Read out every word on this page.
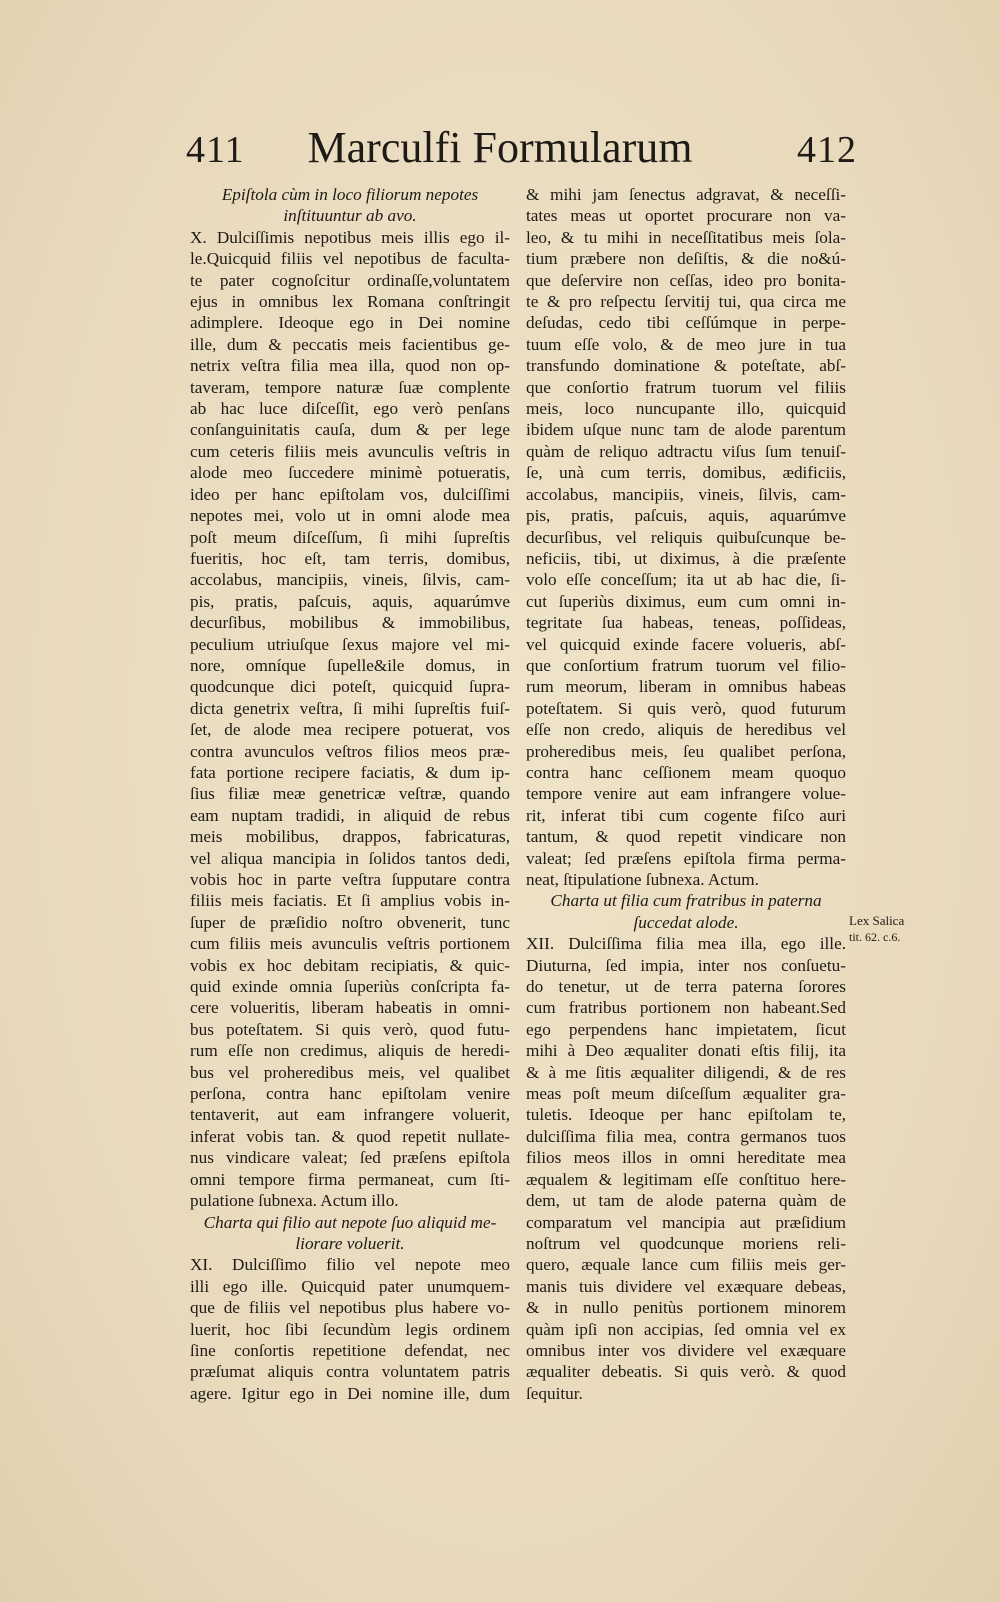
411	Marculfi Formularum	412
Epiſtola cùm in loco filiorum nepotes
inſtituuntur ab avo.
X. Dulciſſimis nepotibus meis illis ego il-
le.Quicquid filiis vel nepotibus de faculta-
te pater cognoſcitur ordinaſſe,voluntatem
ejus in omnibus lex Romana conſtringit
adimplere. Ideoque ego in Dei nomine
ille, dum & peccatis meis facientibus ge-
netrix veſtra filia mea illa, quod non op-
taveram, tempore naturæ ſuæ complente
ab hac luce diſceſſit, ego verò penſans
conſanguinitatis cauſa, dum & per lege
cum ceteris filiis meis avunculis veſtris in
alode meo ſuccedere minimè potueratis,
ideo per hanc epiſtolam vos, dulciſſimi
nepotes mei, volo ut in omni alode mea
poſt meum diſceſſum, ſi mihi ſupreſtis
fueritis, hoc eſt, tam terris, domibus,
accolabus, mancipiis, vineis, ſilvis, cam-
pis, pratis, paſcuis, aquis, aquarúmve
decurſibus, mobilibus & immobilibus,
peculium utriuſque ſexus majore vel mi-
nore, omníque ſupelle&ile domus, in
quodcunque dici poteſt, quicquid ſupra-
dicta genetrix veſtra, ſi mihi ſupreſtis fuiſ-
ſet, de alode mea recipere potuerat, vos
contra avunculos veſtros filios meos præ-
fata portione recipere faciatis, & dum ip-
ſius filiæ meæ genetricæ veſtræ, quando
eam nuptam tradidi, in aliquid de rebus
meis mobilibus, drappos, fabricaturas,
vel aliqua mancipia in ſolidos tantos dedi,
vobis hoc in parte veſtra ſupputare contra
filiis meis faciatis. Et ſi amplius vobis in-
ſuper de præſidio noſtro obvenerit, tunc
cum filiis meis avunculis veſtris portionem
vobis ex hoc debitam recipiatis, & quic-
quid exinde omnia ſuperiùs conſcripta fa-
cere volueritis, liberam habeatis in omni-
bus poteſtatem. Si quis verò, quod futu-
rum eſſe non credimus, aliquis de heredi-
bus vel proheredibus meis, vel qualibet
perſona, contra hanc epiſtolam venire
tentaverit, aut eam infrangere voluerit,
inferat vobis tan. & quod repetit nullate-
nus vindicare valeat; ſed præſens epiſtola
omni tempore firma permaneat, cum ſti-
pulatione ſubnexa. Actum illo.
Charta qui filio aut nepote ſuo aliquid me-
liorare voluerit.
XI. Dulciſſimo filio vel nepote meo
illi ego ille. Quicquid pater unumquem-
que de filiis vel nepotibus plus habere vo-
luerit, hoc ſibi ſecundùm legis ordinem
ſine conſortis repetitione defendat, nec
præſumat aliquis contra voluntatem patris
agere. Igitur ego in Dei nomine ille, dum
& mihi jam ſenectus adgravat, & neceſſi-
tates meas ut oportet procurare non va-
leo, & tu mihi in neceſſitatibus meis ſola-
tium præbere non deſiſtis, & die no&ú-
que deſervire non ceſſas, ideo pro bonita-
te & pro reſpectu ſervitij tui, qua circa me
deſudas, cedo tibi ceſſúmque in perpe-
tuum eſſe volo, & de meo jure in tua
transfundo dominatione & poteſtate, abſ-
que conſortio fratrum tuorum vel filiis
meis, loco nuncupante illo, quicquid
ibidem uſque nunc tam de alode parentum
quàm de reliquo adtractu viſus ſum tenuiſ-
ſe, unà cum terris, domibus, ædificiis,
accolabus, mancipiis, vineis, ſilvis, cam-
pis, pratis, paſcuis, aquis, aquarúmve
decurſibus, vel reliquis quibuſcunque be-
neficiis, tibi, ut diximus, à die præſente
volo eſſe conceſſum; ita ut ab hac die, ſi-
cut ſuperiùs diximus, eum cum omni in-
tegritate ſua habeas, teneas, poſſideas,
vel quicquid exinde facere volueris, abſ-
que conſortium fratrum tuorum vel filio-
rum meorum, liberam in omnibus habeas
poteſtatem. Si quis verò, quod futurum
eſſe non credo, aliquis de heredibus vel
proheredibus meis, ſeu qualibet perſona,
contra hanc ceſſionem meam quoquo
tempore venire aut eam infrangere volue-
rit, inferat tibi cum cogente fiſco auri
tantum, & quod repetit vindicare non
valeat; ſed præſens epiſtola firma perma-
neat, ſtipulatione ſubnexa. Actum.
Charta ut filia cum fratribus in paterna
ſuccedat alode.
XII. Dulciſſima filia mea illa, ego ille.
Diuturna, ſed impia, inter nos conſuetu-
do tenetur, ut de terra paterna ſorores
cum fratribus portionem non habeant.Sed
ego perpendens hanc impietatem, ſicut
mihi à Deo æqualiter donati eſtis filij, ita
& à me ſitis æqualiter diligendi, & de res
meas poſt meum diſceſſum æqualiter gra-
tuletis. Ideoque per hanc epiſtolam te,
dulciſſima filia mea, contra germanos tuos
filios meos illos in omni hereditate mea
æqualem & legitimam eſſe conſtituo here-
dem, ut tam de alode paterna quàm de
comparatum vel mancipia aut præſidium
noſtrum vel quodcunque moriens reli-
quero, æquale lance cum filiis meis ger-
manis tuis dividere vel exæquare debeas,
& in nullo penitùs portionem minorem
quàm ipſi non accipias, ſed omnia vel ex
omnibus inter vos dividere vel exæquare
æqualiter debeatis. Si quis verò. & quod
ſequitur.
Lex Salica
tit. 62. c.6.
